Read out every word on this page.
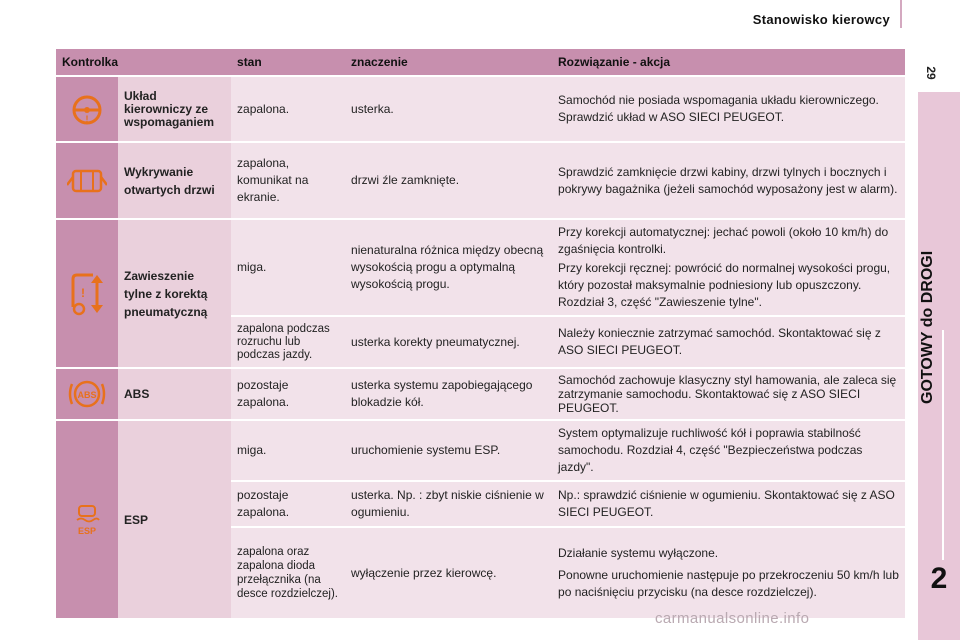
Stanowisko kierowcy
29
GOTOWY do DROGI
2
Kontrolka		stan	znaczenie	Rozwiązanie - akcja

!	Układ kierowniczy ze wspomaganiem	zapalona.	usterka.	Samochód nie posiada wspomagania układu kierowniczego. Sprawdzić układ w ASO SIECI PEUGEOT.
	Wykrywanie otwartych drzwi	zapalona, komunikat na ekranie.	drzwi źle zamknięte.	Sprawdzić zamknięcie drzwi kabiny, drzwi tylnych i bocznych i pokrywy bagażnika (jeżeli samochód wyposażony jest w alarm).

!	Zawieszenie tylne z korektą pneumatyczną	miga.	nienaturalna różnica między obecną wysokością progu a optymalną wysokością progu.	Przy korekcji automatycznej: jechać powoli (około 10 km/h) do zgaśnięcia kontrolki.
Przy korekcji ręcznej: powrócić do normalnej wysokości progu, który pozostał maksymalnie podniesiony lub opuszczony. Rozdział 3, część "Zawieszenie tylne".

		zapalona podczas rozruchu lub podczas jazdy.	usterka korekty pneumatycznej.	Należy koniecznie zatrzymać samochód. Skontaktować się z ASO SIECI PEUGEOT.

ABS	ABS	pozostaje zapalona.	usterka systemu zapobiegającego blokadzie kół.	Samochód zachowuje klasyczny styl hamowania, ale zaleca się zatrzymanie samochodu. Skontaktować się z ASO SIECI PEUGEOT.

ESP	ESP	miga.	uruchomienie systemu ESP.	System optymalizuje ruchliwość kół i poprawia stabilność samochodu. Rozdział 4, część "Bezpieczeństwa podczas jazdy".
		pozostaje zapalona.	usterka. Np. : zbyt niskie ciśnienie w ogumieniu.	Np.: sprawdzić ciśnienie w ogumieniu. Skontaktować się z ASO SIECI PEUGEOT.
		zapalona oraz zapalona dioda przełącznika (na desce rozdzielczej).	wyłączenie przez kierowcę.	Działanie systemu wyłączone.
Ponowne uruchomienie następuje po przekroczeniu 50 km/h lub po naciśnięciu przycisku (na desce rozdzielczej).
carmanualsonline.info
